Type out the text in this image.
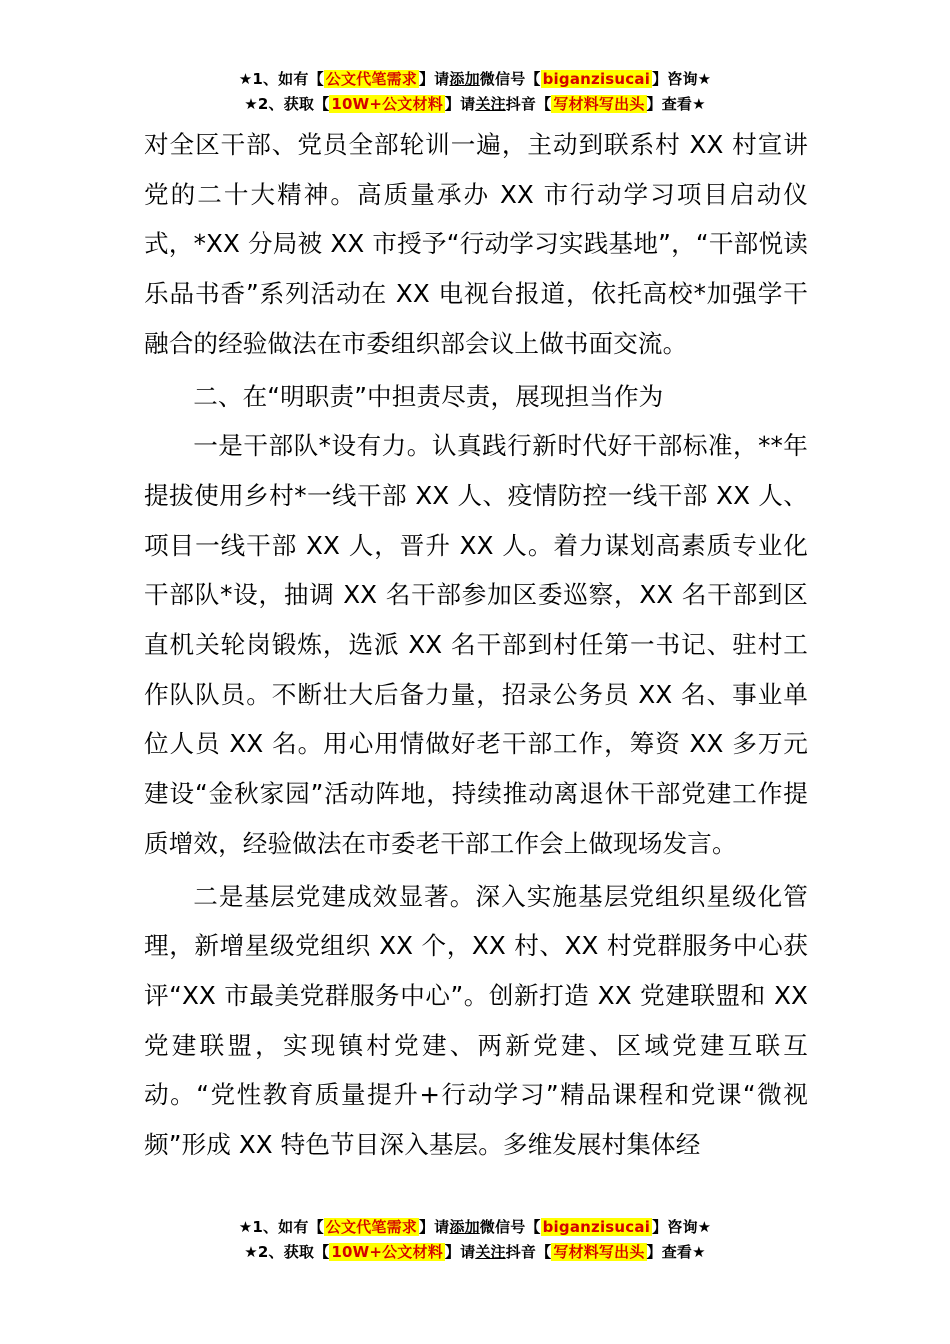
★1、如有【 公文代笔需求 】请添加微信号【 biganzisucai 】咨询★
★2、获取【 10W+公文材料 】请关注抖音【 写材料写出头 】查看★

对全区干部、党员全部轮训一遍，主动到联系村 XX 村宣讲党的二十大精神。高质量承办 XX 市行动学习项目启动仪式，*XX 分局被 XX 市授予“行动学习实践基地”，“干部悦读乐品书香”系列活动在 XX 电视台报道，依托高校*加强学干融合的经验做法在市委组织部会议上做书面交流。

二、在“明职责”中担责尽责，展现担当作为

一是干部队*设有力。认真践行新时代好干部标准，**年提拔使用乡村*一线干部 XX 人、疫情防控一线干部 XX 人、项目一线干部 XX 人，晋升 XX 人。着力谋划高素质专业化干部队*设，抽调 XX 名干部参加区委巡察，XX 名干部到区直机关轮岗锻炼，选派 XX 名干部到村任第一书记、驻村工作队队员。不断壮大后备力量，招录公务员 XX 名、事业单位人员 XX 名。用心用情做好老干部工作，筹资 XX 多万元建设“金秋家园”活动阵地，持续推动离退休干部党建工作提质增效，经验做法在市委老干部工作会上做现场发言。

二是基层党建成效显著。深入实施基层党组织星级化管理，新增星级党组织 XX 个，XX 村、XX 村党群服务中心获评“XX 市最美党群服务中心”。创新打造 XX 党建联盟和 XX 党建联盟，实现镇村党建、两新党建、区域党建互联互动。“党性教育质量提升+行动学习”精品课程和党课“微视频”形成 XX 特色节目深入基层。多维发展村集体经

★1、如有【 公文代笔需求 】请添加微信号【 biganzisucai 】咨询★
★2、获取【 10W+公文材料 】请关注抖音【 写材料写出头 】查看★
